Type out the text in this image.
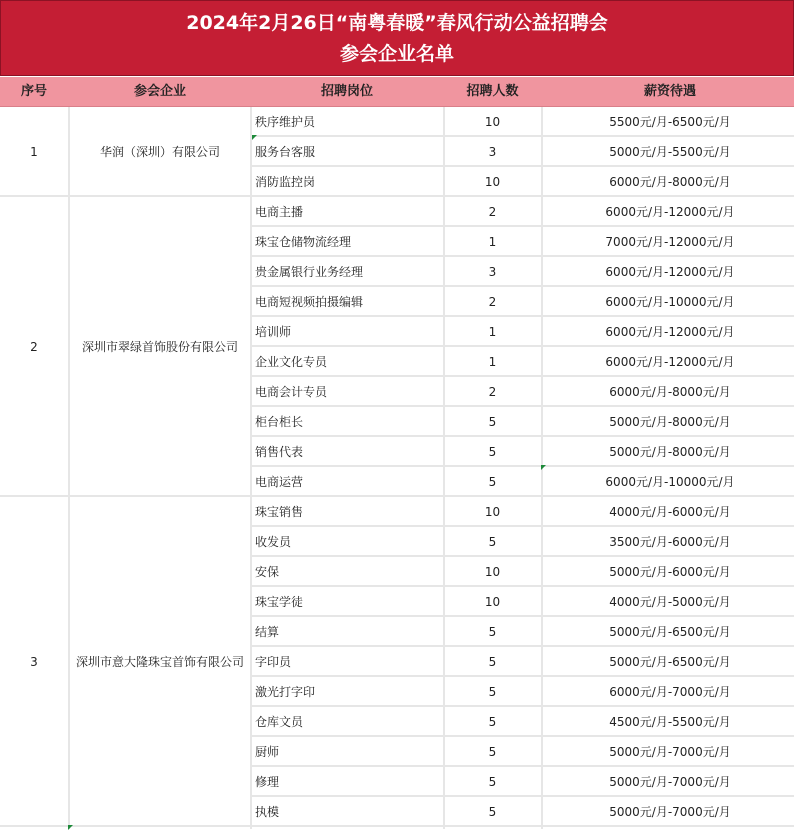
2024年2月26日“南粤春暖”春风行动公益招聘会
参会企业名单
序号	参会企业	招聘岗位	招聘人数	薪资待遇
1	华润（深圳）有限公司
秩序维护员	10	5500元/月-6500元/月
服务台客服	3	5000元/月-5500元/月
消防监控岗	10	6000元/月-8000元/月
2	深圳市翠绿首饰股份有限公司
电商主播	2	6000元/月-12000元/月
珠宝仓储物流经理	1	7000元/月-12000元/月
贵金属银行业务经理	3	6000元/月-12000元/月
电商短视频拍摄编辑	2	6000元/月-10000元/月
培训师	1	6000元/月-12000元/月
企业文化专员	1	6000元/月-12000元/月
电商会计专员	2	6000元/月-8000元/月
柜台柜长	5	5000元/月-8000元/月
销售代表	5	5000元/月-8000元/月
电商运营	5	6000元/月-10000元/月
3	深圳市意大隆珠宝首饰有限公司
珠宝销售	10	4000元/月-6000元/月
收发员	5	3500元/月-6000元/月
安保	10	5000元/月-6000元/月
珠宝学徒	10	4000元/月-5000元/月
结算	5	5000元/月-6500元/月
字印员	5	5000元/月-6500元/月
激光打字印	5	6000元/月-7000元/月
仓库文员	5	4500元/月-5500元/月
厨师	5	5000元/月-7000元/月
修理	5	5000元/月-7000元/月
执模	5	5000元/月-7000元/月
